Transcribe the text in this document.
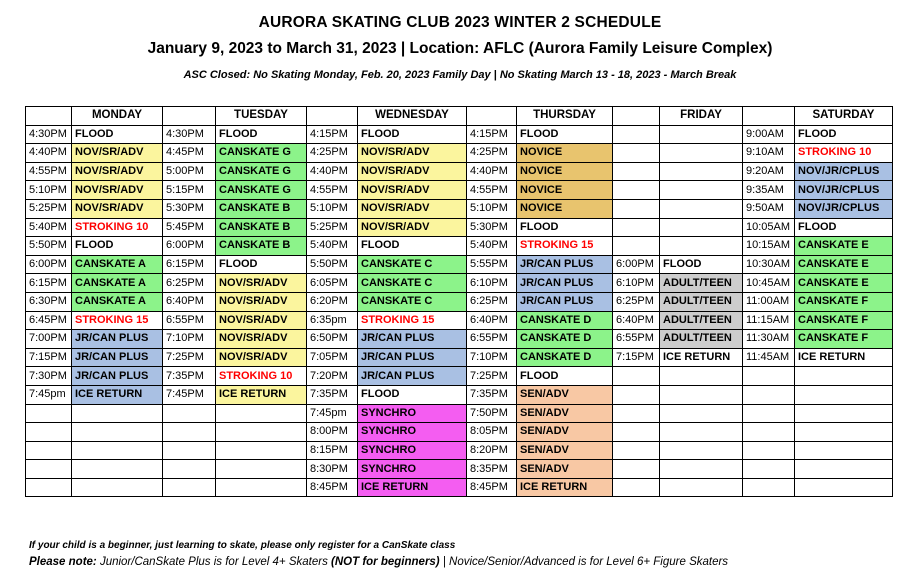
AURORA SKATING CLUB 2023 WINTER 2 SCHEDULE
January 9, 2023 to March 31, 2023 | Location: AFLC (Aurora Family Leisure Complex)
ASC Closed: No Skating Monday, Feb. 20, 2023 Family Day | No Skating March 13 - 18, 2023 - March Break
	MONDAY		TUESDAY		WEDNESDAY		THURSDAY		FRIDAY		SATURDAY
4:30PM	FLOOD	4:30PM	FLOOD	4:15PM	FLOOD	4:15PM	FLOOD			9:00AM	FLOOD
4:40PM	NOV/SR/ADV	4:45PM	CANSKATE G	4:25PM	NOV/SR/ADV	4:25PM	NOVICE			9:10AM	STROKING 10
4:55PM	NOV/SR/ADV	5:00PM	CANSKATE G	4:40PM	NOV/SR/ADV	4:40PM	NOVICE			9:20AM	NOV/JR/CPLUS
5:10PM	NOV/SR/ADV	5:15PM	CANSKATE G	4:55PM	NOV/SR/ADV	4:55PM	NOVICE			9:35AM	NOV/JR/CPLUS
5:25PM	NOV/SR/ADV	5:30PM	CANSKATE B	5:10PM	NOV/SR/ADV	5:10PM	NOVICE			9:50AM	NOV/JR/CPLUS
5:40PM	STROKING 10	5:45PM	CANSKATE B	5:25PM	NOV/SR/ADV	5:30PM	FLOOD			10:05AM	FLOOD
5:50PM	FLOOD	6:00PM	CANSKATE B	5:40PM	FLOOD	5:40PM	STROKING 15			10:15AM	CANSKATE E
6:00PM	CANSKATE A	6:15PM	FLOOD	5:50PM	CANSKATE C	5:55PM	JR/CAN PLUS	6:00PM	FLOOD	10:30AM	CANSKATE E
6:15PM	CANSKATE A	6:25PM	NOV/SR/ADV	6:05PM	CANSKATE C	6:10PM	JR/CAN PLUS	6:10PM	ADULT/TEEN	10:45AM	CANSKATE E
6:30PM	CANSKATE A	6:40PM	NOV/SR/ADV	6:20PM	CANSKATE C	6:25PM	JR/CAN PLUS	6:25PM	ADULT/TEEN	11:00AM	CANSKATE F
6:45PM	STROKING 15	6:55PM	NOV/SR/ADV	6:35pm	STROKING 15	6:40PM	CANSKATE D	6:40PM	ADULT/TEEN	11:15AM	CANSKATE F
7:00PM	JR/CAN PLUS	7:10PM	NOV/SR/ADV	6:50PM	JR/CAN PLUS	6:55PM	CANSKATE D	6:55PM	ADULT/TEEN	11:30AM	CANSKATE F
7:15PM	JR/CAN PLUS	7:25PM	NOV/SR/ADV	7:05PM	JR/CAN PLUS	7:10PM	CANSKATE D	7:15PM	ICE RETURN	11:45AM	ICE RETURN
7:30PM	JR/CAN PLUS	7:35PM	STROKING 10	7:20PM	JR/CAN PLUS	7:25PM	FLOOD				
7:45pm	ICE RETURN	7:45PM	ICE RETURN	7:35PM	FLOOD	7:35PM	SEN/ADV				
				7:45pm	SYNCHRO	7:50PM	SEN/ADV				
				8:00PM	SYNCHRO	8:05PM	SEN/ADV				
				8:15PM	SYNCHRO	8:20PM	SEN/ADV				
				8:30PM	SYNCHRO	8:35PM	SEN/ADV				
				8:45PM	ICE RETURN	8:45PM	ICE RETURN				
If your child is a beginner, just learning to skate, please only register for a CanSkate class
Please note: Junior/CanSkate Plus is for Level 4+ Skaters (NOT for beginners) | Novice/Senior/Advanced is for Level 6+ Figure Skaters
